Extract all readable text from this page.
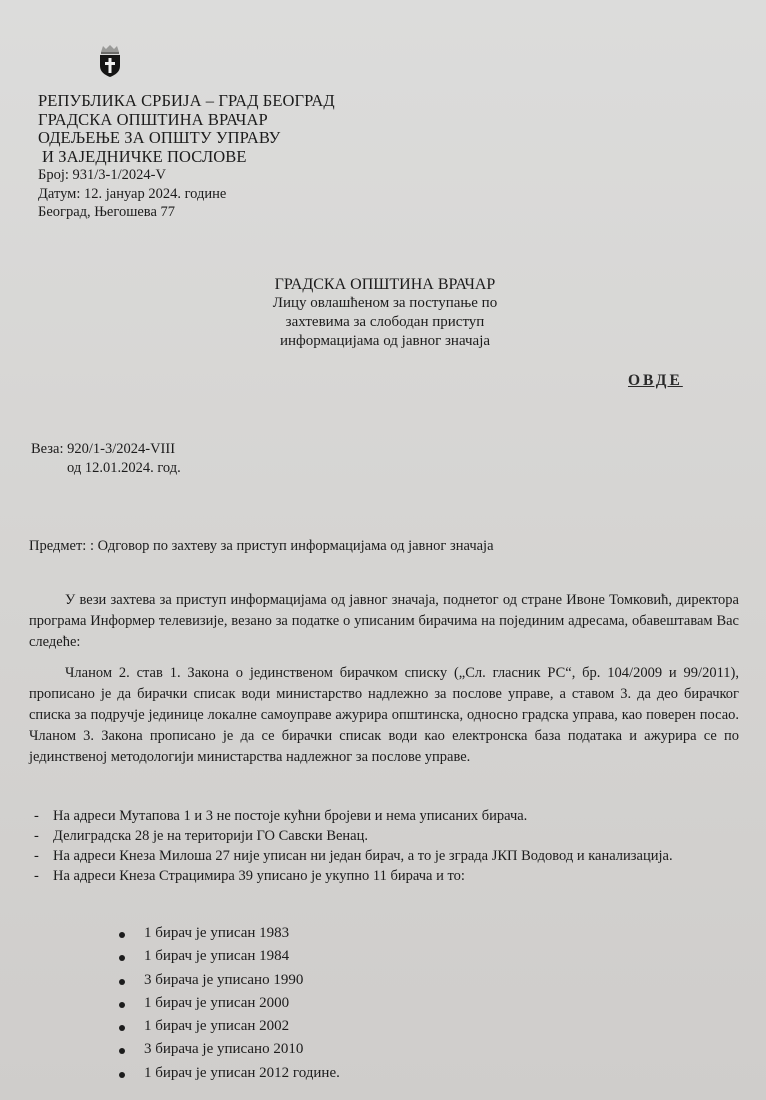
РЕПУБЛИКА СРБИЈА – ГРАД БЕОГРАД
ГРАДСКА ОПШТИНА ВРАЧАР
ОДЕЉЕЊЕ ЗА ОПШТУ УПРАВУ
И ЗАЈЕДНИЧКЕ ПОСЛОВЕ
Број: 931/3-1/2024-V
Датум: 12. јануар 2024. године
Београд, Његошева 77
ГРАДСКА ОПШТИНА ВРАЧАР
Лицу овлашћеном за поступање по
захтевима за слободан приступ
информацијама од јавног значаја
ОВДЕ
Веза: 920/1-3/2024-VIII
од 12.01.2024. год.
Предмет: : Одговор по захтеву за приступ информацијама од јавног значаја

У вези захтева за приступ информацијама од јавног значаја, поднетог од стране Ивоне Томковић, директора програма Информер телевизије, везано за податке о уписаним бирачима на појединим адресама, обавештавам Вас следеће:

Чланом 2. став 1. Закона о јединственом бирачком списку („Сл. гласник РС“, бр. 104/2009 и 99/2011), прописано је да бирачки списак води министарство надлежно за послове управе, а ставом 3. да део бирачког списка за подручје јединице локалне самоуправе ажурира општинска, односно градска управа, као поверен посао. Чланом 3. Закона прописано је да се бирачки списак води као електронска база података и ажурира се по јединственој методологији министарства надлежног за послове управе.

- На адреси Мутапова 1 и 3 не постоје кућни бројеви и нема уписаних бирача.
- Делиградска 28 је на територији ГО Савски Венац.
- На адреси Кнеза Милоша 27 није уписан ни један бирач, а то је зграда ЈКП Водовод и канализација.
- На адреси Кнеза Страцимира 39 уписано је укупно 11 бирача и то:
1 бирач је уписан 1983
1 бирач је уписан 1984
3 бирача је уписано 1990
1 бирач је уписан 2000
1 бирач је уписан 2002
3 бирача је уписано 2010
1 бирач је уписан 2012 године.
